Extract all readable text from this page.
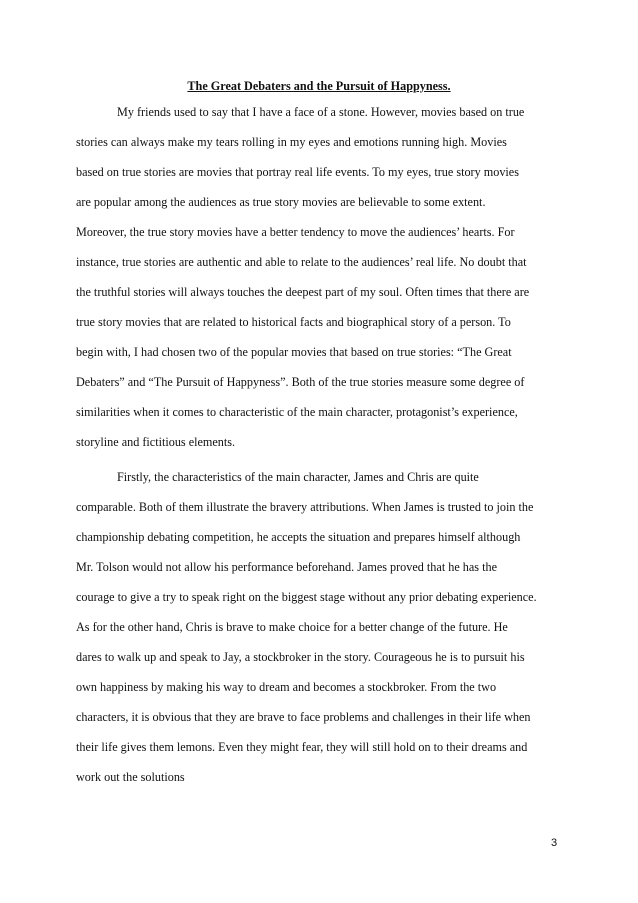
The Great Debaters and the Pursuit of Happyness.
My friends used to say that I have a face of a stone. However, movies based on true
stories can always make my tears rolling in my eyes and emotions running high. Movies
based on true stories are movies that portray real life events. To my eyes, true story movies
are popular among the audiences as true story movies are believable to some extent.
Moreover, the true story movies have a better tendency to move the audiences’ hearts. For
instance, true stories are authentic and able to relate to the audiences’ real life. No doubt that
the truthful stories will always touches the deepest part of my soul. Often times that there are
true story movies that are related to historical facts and biographical story of a person. To
begin with, I had chosen two of the popular movies that based on true stories: “The Great
Debaters” and “The Pursuit of Happyness”. Both of the true stories measure some degree of
similarities when it comes to characteristic of the main character, protagonist’s experience,
storyline and fictitious elements.
Firstly, the characteristics of the main character, James and Chris are quite
comparable. Both of them illustrate the bravery attributions. When James is trusted to join the
championship debating competition, he accepts the situation and prepares himself although
Mr. Tolson would not allow his performance beforehand. James proved that he has the
courage to give a try to speak right on the biggest stage without any prior debating experience.
As for the other hand, Chris is brave to make choice for a better change of the future. He
dares to walk up and speak to Jay, a stockbroker in the story. Courageous he is to pursuit his
own happiness by making his way to dream and becomes a stockbroker. From the two
characters, it is obvious that they are brave to face problems and challenges in their life when
their life gives them lemons. Even they might fear, they will still hold on to their dreams and
work out the solutions
3
